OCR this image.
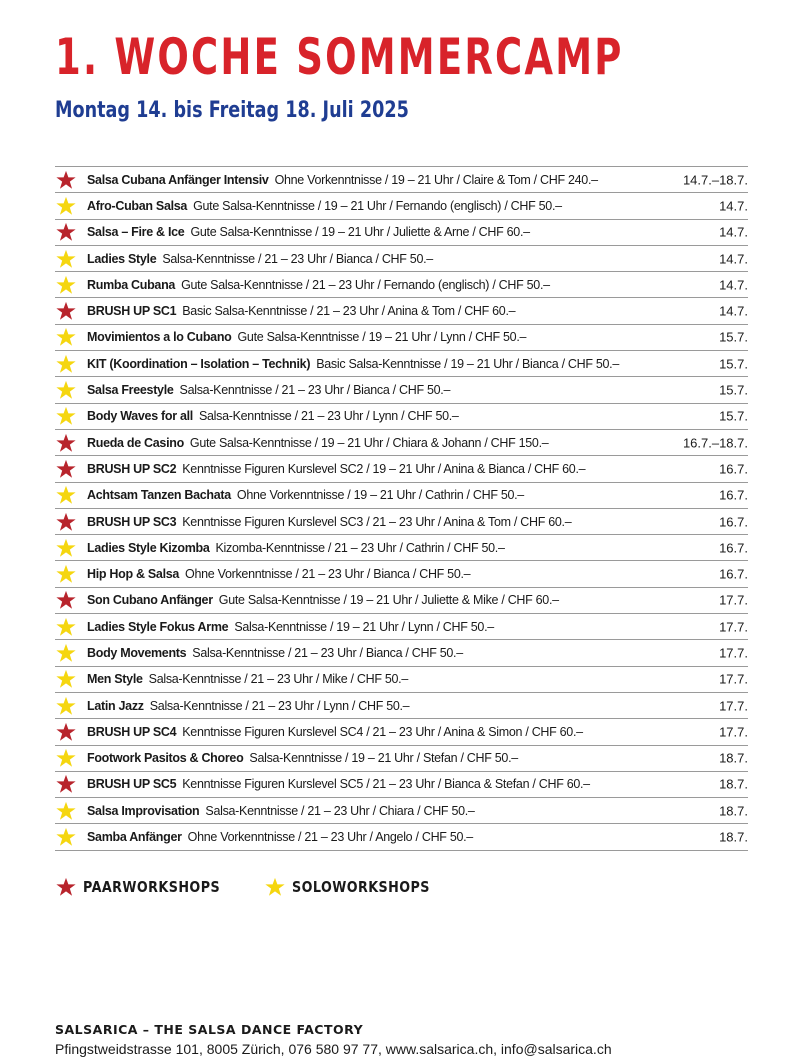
1. WOCHE SOMMERCAMP
Montag 14. bis Freitag 18. Juli 2025
Salsa Cubana Anfänger Intensiv Ohne Vorkenntnisse / 19 – 21 Uhr / Claire & Tom / CHF 240.–	14.7.–18.7.
Afro-Cuban Salsa Gute Salsa-Kenntnisse / 19 – 21 Uhr / Fernando (englisch) / CHF 50.–	14.7.
Salsa – Fire & Ice Gute Salsa-Kenntnisse / 19 – 21 Uhr / Juliette & Arne / CHF 60.–	14.7.
Ladies Style Salsa-Kenntnisse / 21 – 23 Uhr / Bianca / CHF 50.–	14.7.
Rumba Cubana Gute Salsa-Kenntnisse / 21 – 23 Uhr / Fernando (englisch) / CHF 50.–	14.7.
BRUSH UP SC1 Basic Salsa-Kenntnisse / 21 – 23 Uhr / Anina & Tom / CHF 60.–	14.7.
Movimientos a lo Cubano Gute Salsa-Kenntnisse / 19 – 21 Uhr / Lynn / CHF 50.–	15.7.
KIT (Koordination – Isolation – Technik) Basic Salsa-Kenntnisse / 19 – 21 Uhr / Bianca / CHF 50.–	15.7.
Salsa Freestyle Salsa-Kenntnisse / 21 – 23 Uhr / Bianca / CHF 50.–	15.7.
Body Waves for all Salsa-Kenntnisse / 21 – 23 Uhr / Lynn / CHF 50.–	15.7.
Rueda de Casino Gute Salsa-Kenntnisse / 19 – 21 Uhr / Chiara & Johann / CHF 150.–	16.7.–18.7.
BRUSH UP SC2 Kenntnisse Figuren Kurslevel SC2 / 19 – 21 Uhr / Anina & Bianca / CHF 60.–	16.7.
Achtsam Tanzen Bachata Ohne Vorkenntnisse / 19 – 21 Uhr / Cathrin / CHF 50.–	16.7.
BRUSH UP SC3 Kenntnisse Figuren Kurslevel SC3 / 21 – 23 Uhr / Anina & Tom / CHF 60.–	16.7.
Ladies Style Kizomba Kizomba-Kenntnisse / 21 – 23 Uhr / Cathrin / CHF 50.–	16.7.
Hip Hop & Salsa Ohne Vorkenntnisse / 21 – 23 Uhr / Bianca / CHF 50.–	16.7.
Son Cubano Anfänger Gute Salsa-Kenntnisse / 19 – 21 Uhr / Juliette & Mike / CHF 60.–	17.7.
Ladies Style Fokus Arme Salsa-Kenntnisse / 19 – 21 Uhr / Lynn / CHF 50.–	17.7.
Body Movements Salsa-Kenntnisse / 21 – 23 Uhr / Bianca / CHF 50.–	17.7.
Men Style Salsa-Kenntnisse / 21 – 23 Uhr / Mike / CHF 50.–	17.7.
Latin Jazz Salsa-Kenntnisse / 21 – 23 Uhr / Lynn / CHF 50.–	17.7.
BRUSH UP SC4 Kenntnisse Figuren Kurslevel SC4 / 21 – 23 Uhr / Anina & Simon / CHF 60.–	17.7.
Footwork Pasitos & Choreo Salsa-Kenntnisse / 19 – 21 Uhr / Stefan / CHF 50.–	18.7.
BRUSH UP SC5 Kenntnisse Figuren Kurslevel SC5 / 21 – 23 Uhr / Bianca & Stefan / CHF 60.–	18.7.
Salsa Improvisation Salsa-Kenntnisse / 21 – 23 Uhr / Chiara / CHF 50.–	18.7.
Samba Anfänger Ohne Vorkenntnisse / 21 – 23 Uhr / Angelo / CHF 50.–	18.7.
PAARWORKSHOPS	SOLOWORKSHOPS
SALSARICA – THE SALSA DANCE FACTORY
Pfingstweidstrasse 101, 8005 Zürich, 076 580 97 77, www.salsarica.ch, info@salsarica.ch
